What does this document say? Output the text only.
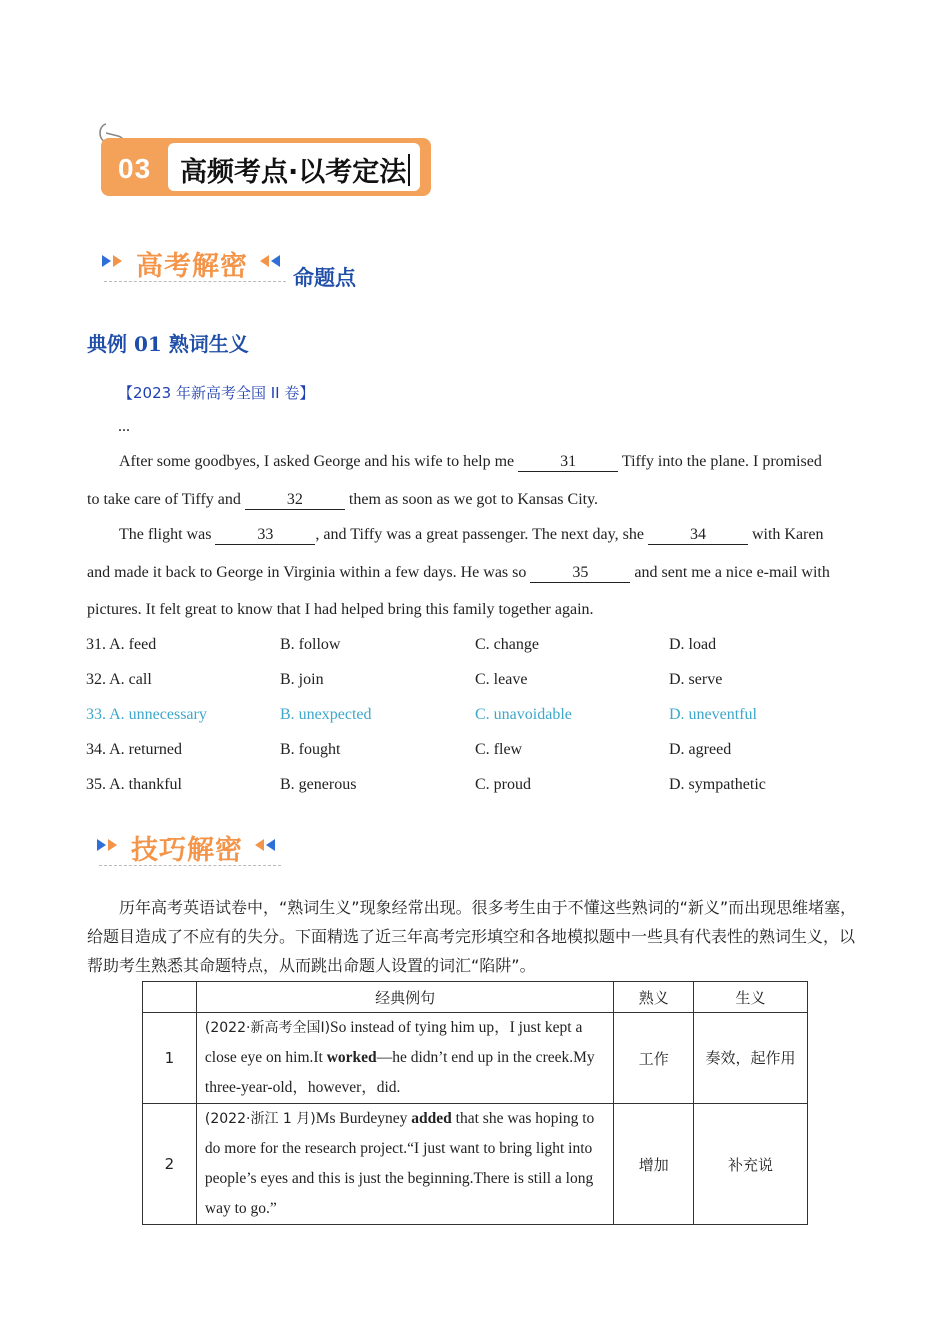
03 高频考点·以考定法
高考解密 命题点
典例 01 熟词生义
【2023 年新高考全国 II 卷】
...
After some goodbyes, I asked George and his wife to help me	31	Tiffy into the plane. I promised
to take care of Tiffy and	32	them as soon as we got to Kansas City.
The flight was	33	, and Tiffy was a great passenger. The next day, she	34	with Karen
and made it back to George in Virginia within a few days. He was so	35	and sent me a nice e-mail with
pictures. It felt great to know that I had helped bring this family together again.
31. A. feed	B. follow	C. change	D. load
32. A. call	B. join	C. leave	D. serve
33. A. unnecessary	B. unexpected	C. unavoidable	D. uneventful
34. A. returned	B. fought	C. flew	D. agreed
35. A. thankful	B. generous	C. proud	D. sympathetic
技巧解密
历年高考英语试卷中，“熟词生义”现象经常出现。很多考生由于不懂这些熟词的“新义”而出现思维堵塞，给题目造成了不应有的失分。下面精选了近三年高考完形填空和各地模拟题中一些具有代表性的熟词生义，以帮助考生熟悉其命题特点，从而跳出命题人设置的词汇“陷阱”。
	经典例句	熟义	生义
1	(2022·新高考全国Ⅰ)So instead of tying him up，I just kept a close eye on him.It worked—he didn’t end up in the creek.My three-year-old，however，did.	工作	奏效，起作用
2	(2022·浙江 1 月)Ms Burdeyney added that she was hoping to do more for the research project.“I just want to bring light into people’s eyes and this is just the beginning.There is still a long way to go.”	增加	补充说
